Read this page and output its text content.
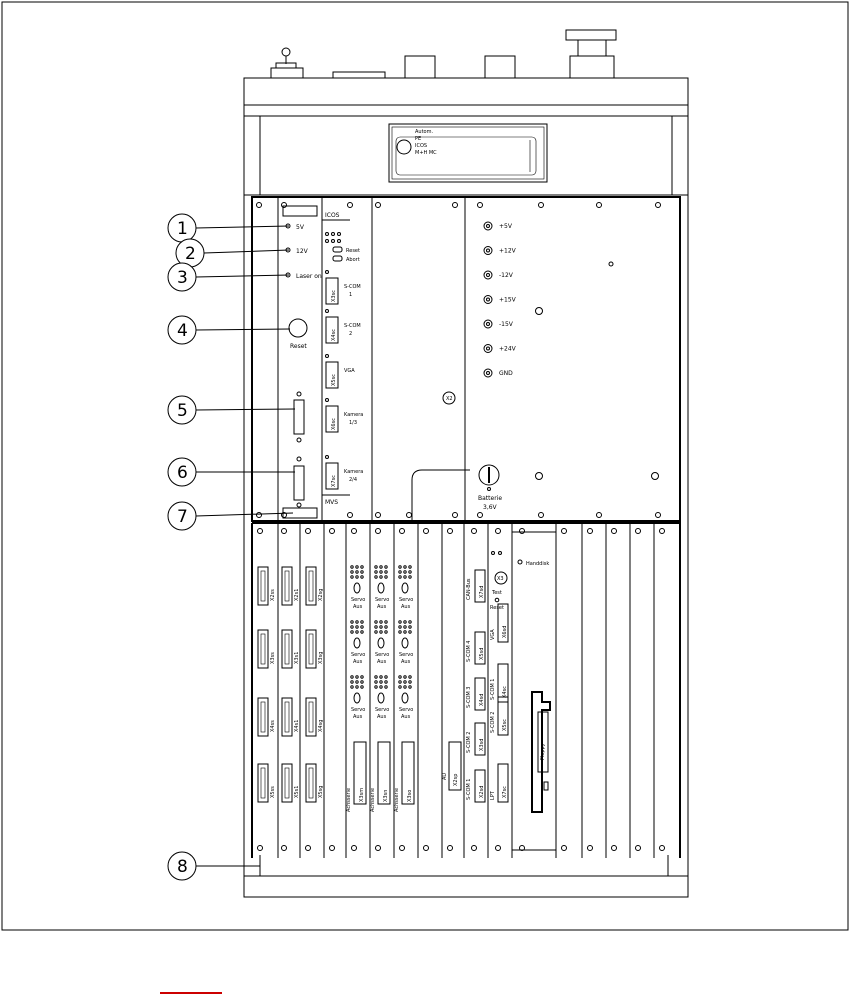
Autom.
PE
ICOS
M+H MC
5V
12V
Laser on
Reset
ICOS
MVS
Reset
Abort
X3sc
S-COM
1
X4sc
S-COM
2
X5sc
VGA
X6sc
Kamera
1/3
X7sc
Kamera
2/4
X2
+5V
+12V
-12V
+15V
-15V
+24V
GND
Batterie
3,6V
X2ss
X3ss
X4ss
X5ss
X2s1
X3s1
X4s1
X5s1
X2sg
X3sg
X4sg
X5sg
Servo
Aus
Servo
Aus
Servo
Aus
X3sm
Achsserie
Servo
Aus
Servo
Aus
Servo
Aus
X3sn
Achsserie
Servo
Aus
Servo
Aus
Servo
Aus
X3so
Achsserie
AU X2sp S-COM 1 X2sd
S-COM 2 X3sd
S-COM 3 X4sd
S-COM 4 X5sd
CAN-Bus X7sd
LPT X7sc
S-COM 2 X5sc
S-COM 1 X4sc
VGA X6sd
X3
Test
Reset
Handdisk
Floppy
1
2
3
4
5
6
7
8
